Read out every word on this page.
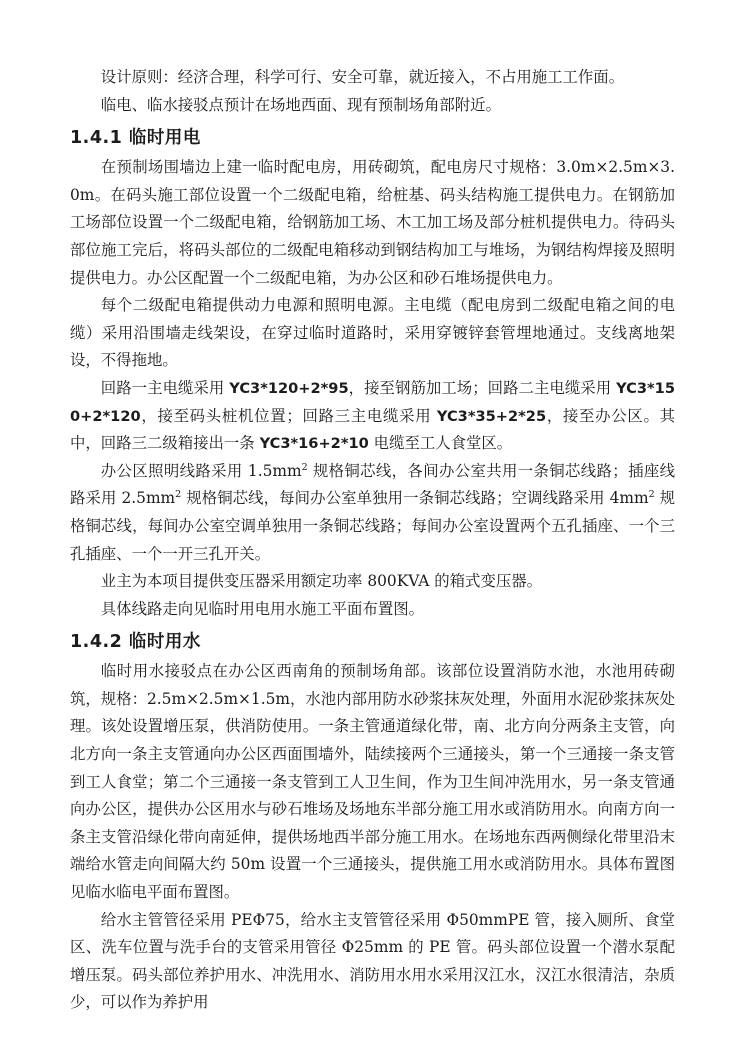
设计原则：经济合理，科学可行、安全可靠，就近接入，不占用施工工作面。

临电、临水接驳点预计在场地西面、现有预制场角部附近。

1.4.1 临时用电

在预制场围墙边上建一临时配电房，用砖砌筑，配电房尺寸规格：3.0m×2.5m×3.0m。在码头施工部位设置一个二级配电箱，给桩基、码头结构施工提供电力。在钢筋加工场部位设置一个二级配电箱，给钢筋加工场、木工加工场及部分桩机提供电力。待码头部位施工完后，将码头部位的二级配电箱移动到钢结构加工与堆场，为钢结构焊接及照明提供电力。办公区配置一个二级配电箱，为办公区和砂石堆场提供电力。

每个二级配电箱提供动力电源和照明电源。主电缆（配电房到二级配电箱之间的电缆）采用沿围墙走线架设，在穿过临时道路时，采用穿镀锌套管埋地通过。支线离地架设，不得拖地。

回路一主电缆采用 YC3*120+2*95，接至钢筋加工场；回路二主电缆采用 YC3*150+2*120，接至码头桩机位置；回路三主电缆采用 YC3*35+2*25，接至办公区。其中，回路三二级箱接出一条 YC3*16+2*10 电缆至工人食堂区。

办公区照明线路采用 $1.5mm^2$ 规格铜芯线，各间办公室共用一条铜芯线路；插座线路采用 $2.5mm^2$ 规格铜芯线，每间办公室单独用一条铜芯线路；空调线路采用 $4mm^2$ 规格铜芯线，每间办公室空调单独用一条铜芯线路；每间办公室设置两个五孔插座、一个三孔插座、一个一开三孔开关。

业主为本项目提供变压器采用额定功率 800KVA 的箱式变压器。

具体线路走向见临时用电用水施工平面布置图。

1.4.2 临时用水

临时用水接驳点在办公区西南角的预制场角部。该部位设置消防水池，水池用砖砌筑，规格：2.5m×2.5m×1.5m，水池内部用防水砂浆抹灰处理，外面用水泥砂浆抹灰处理。该处设置增压泵，供消防使用。一条主管通道绿化带，南、北方向分两条主支管，向北方向一条主支管通向办公区西面围墙外，陆续接两个三通接头，第一个三通接一条支管到工人食堂；第二个三通接一条支管到工人卫生间，作为卫生间冲洗用水，另一条支管通向办公区，提供办公区用水与砂石堆场及场地东半部分施工用水或消防用水。向南方向一条主支管沿绿化带向南延伸，提供场地西半部分施工用水。在场地东西两侧绿化带里沿末端给水管走向间隔大约 50m 设置一个三通接头，提供施工用水或消防用水。具体布置图见临水临电平面布置图。

给水主管管径采用 PEΦ75，给水主支管管径采用 Φ50mmPE 管，接入厕所、食堂区、洗车位置与洗手台的支管采用管径 Φ25mm 的 PE 管。码头部位设置一个潜水泵配增压泵。码头部位养护用水、冲洗用水、消防用水用水采用汉江水，汉江水很清洁，杂质少，可以作为养护用
